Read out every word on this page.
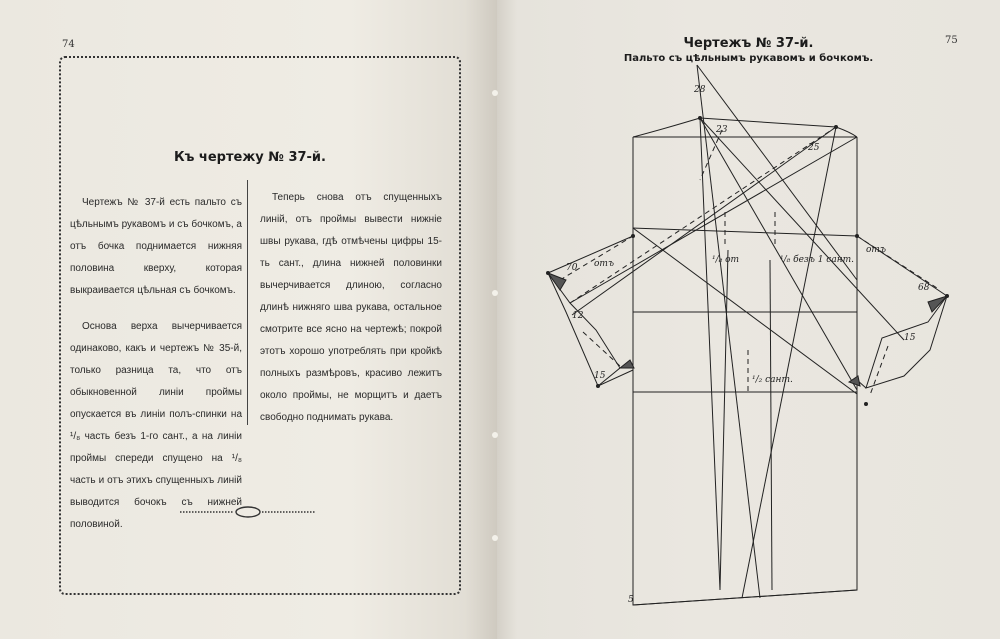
74
Къ чертежу № 37-й.

Чертежъ № 37-й есть пальто съ цѣльнымъ рукавомъ и съ бочкомъ, а отъ бочка поднимается нижняя половина кверху, которая выкраивается цѣльная съ бочкомъ.

Основа верха вычерчивается одинаково, какъ и чертежъ № 35-й, только разница та, что отъ обыкновенной линіи проймы опускается въ линіи полъ-спинки на ¹/₈ часть безъ 1-го сант., а на линіи проймы спереди спущено на ¹/₈ часть и отъ этихъ спущенныхъ линій выводится бочокъ съ нижней половиной.

Теперь снова отъ спущенныхъ линій, отъ проймы вывести нижніе швы рукава, гдѣ отмѣчены цифры 15-ть сант., длина нижней половинки вычерчивается длиною, согласно длинѣ нижняго шва рукава, остальное смотрите все ясно на чертежѣ; покрой этотъ хорошо употреблять при кройкѣ полныхъ размѣровъ, красиво лежитъ около проймы, не морщитъ и даетъ свободно поднимать рукава.

75
Чертежъ № 37-й.
Пальто съ цѣльнымъ рукавомъ и бочкомъ.
отъ
отъ
70
68
15
15
12
23
25
28
5
¹/₈ от	¹/₈ безъ 1 сант.
¹/₂ сант.
